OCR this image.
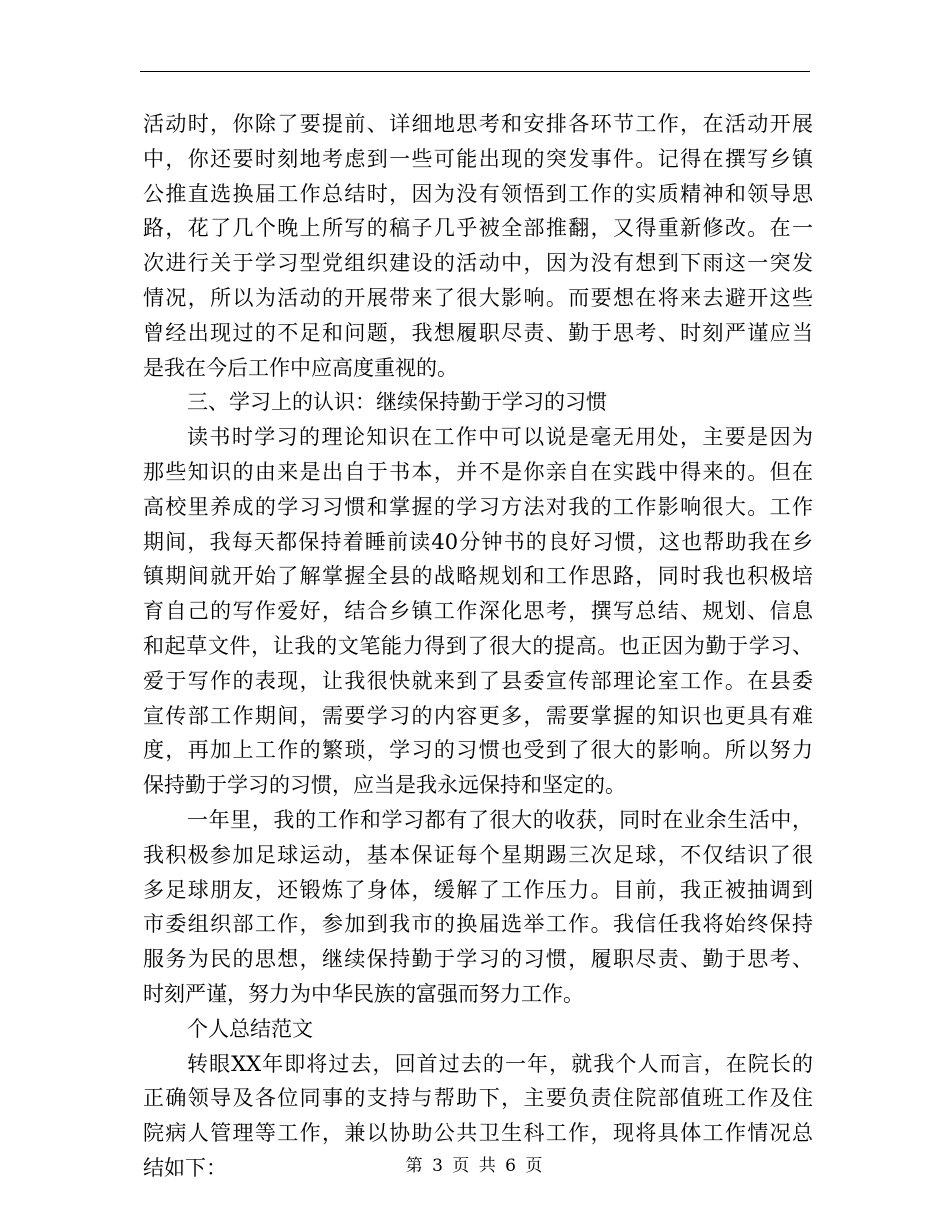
活动时，你除了要提前、详细地思考和安排各环节工作，在活动开展
中，你还要时刻地考虑到一些可能出现的突发事件。记得在撰写乡镇
公推直选换届工作总结时，因为没有领悟到工作的实质精神和领导思
路，花了几个晚上所写的稿子几乎被全部推翻，又得重新修改。在一
次进行关于学习型党组织建设的活动中，因为没有想到下雨这一突发
情况，所以为活动的开展带来了很大影响。而要想在将来去避开这些
曾经出现过的不足和问题，我想履职尽责、勤于思考、时刻严谨应当
是我在今后工作中应高度重视的。
三、学习上的认识：继续保持勤于学习的习惯
读书时学习的理论知识在工作中可以说是毫无用处，主要是因为
那些知识的由来是出自于书本，并不是你亲自在实践中得来的。但在
高校里养成的学习习惯和掌握的学习方法对我的工作影响很大。工作
期间，我每天都保持着睡前读40分钟书的良好习惯，这也帮助我在乡
镇期间就开始了解掌握全县的战略规划和工作思路，同时我也积极培
育自己的写作爱好，结合乡镇工作深化思考，撰写总结、规划、信息
和起草文件，让我的文笔能力得到了很大的提高。也正因为勤于学习、
爱于写作的表现，让我很快就来到了县委宣传部理论室工作。在县委
宣传部工作期间，需要学习的内容更多，需要掌握的知识也更具有难
度，再加上工作的繁琐，学习的习惯也受到了很大的影响。所以努力
保持勤于学习的习惯，应当是我永远保持和坚定的。
一年里，我的工作和学习都有了很大的收获，同时在业余生活中，
我积极参加足球运动，基本保证每个星期踢三次足球，不仅结识了很
多足球朋友，还锻炼了身体，缓解了工作压力。目前，我正被抽调到
市委组织部工作，参加到我市的换届选举工作。我信任我将始终保持
服务为民的思想，继续保持勤于学习的习惯，履职尽责、勤于思考、
时刻严谨，努力为中华民族的富强而努力工作。
个人总结范文
转眼XX年即将过去，回首过去的一年，就我个人而言，在院长的
正确领导及各位同事的支持与帮助下，主要负责住院部值班工作及住
院病人管理等工作，兼以协助公共卫生科工作，现将具体工作情况总
结如下：	第 3 页 共 6 页
